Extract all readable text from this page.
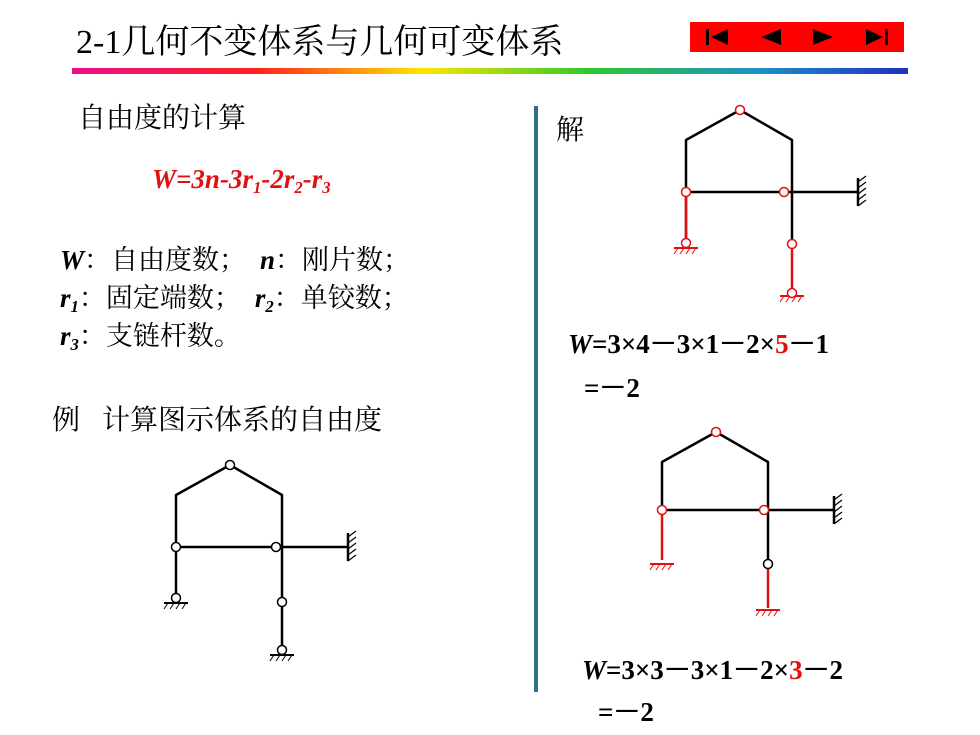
2-1几何不变体系与几何可变体系
自由度的计算
$W=3n-3r_1-2r_2-r_3$
W：自由度数； n：刚片数；
$r_1$：固定端数； $r_2$：单铰数；
$r_3$：支链杆数。
例 计算图示体系的自由度
解
W=3×4－3×1－2×5－1
=－2
W=3×3－3×1－2×3－2
=－2
